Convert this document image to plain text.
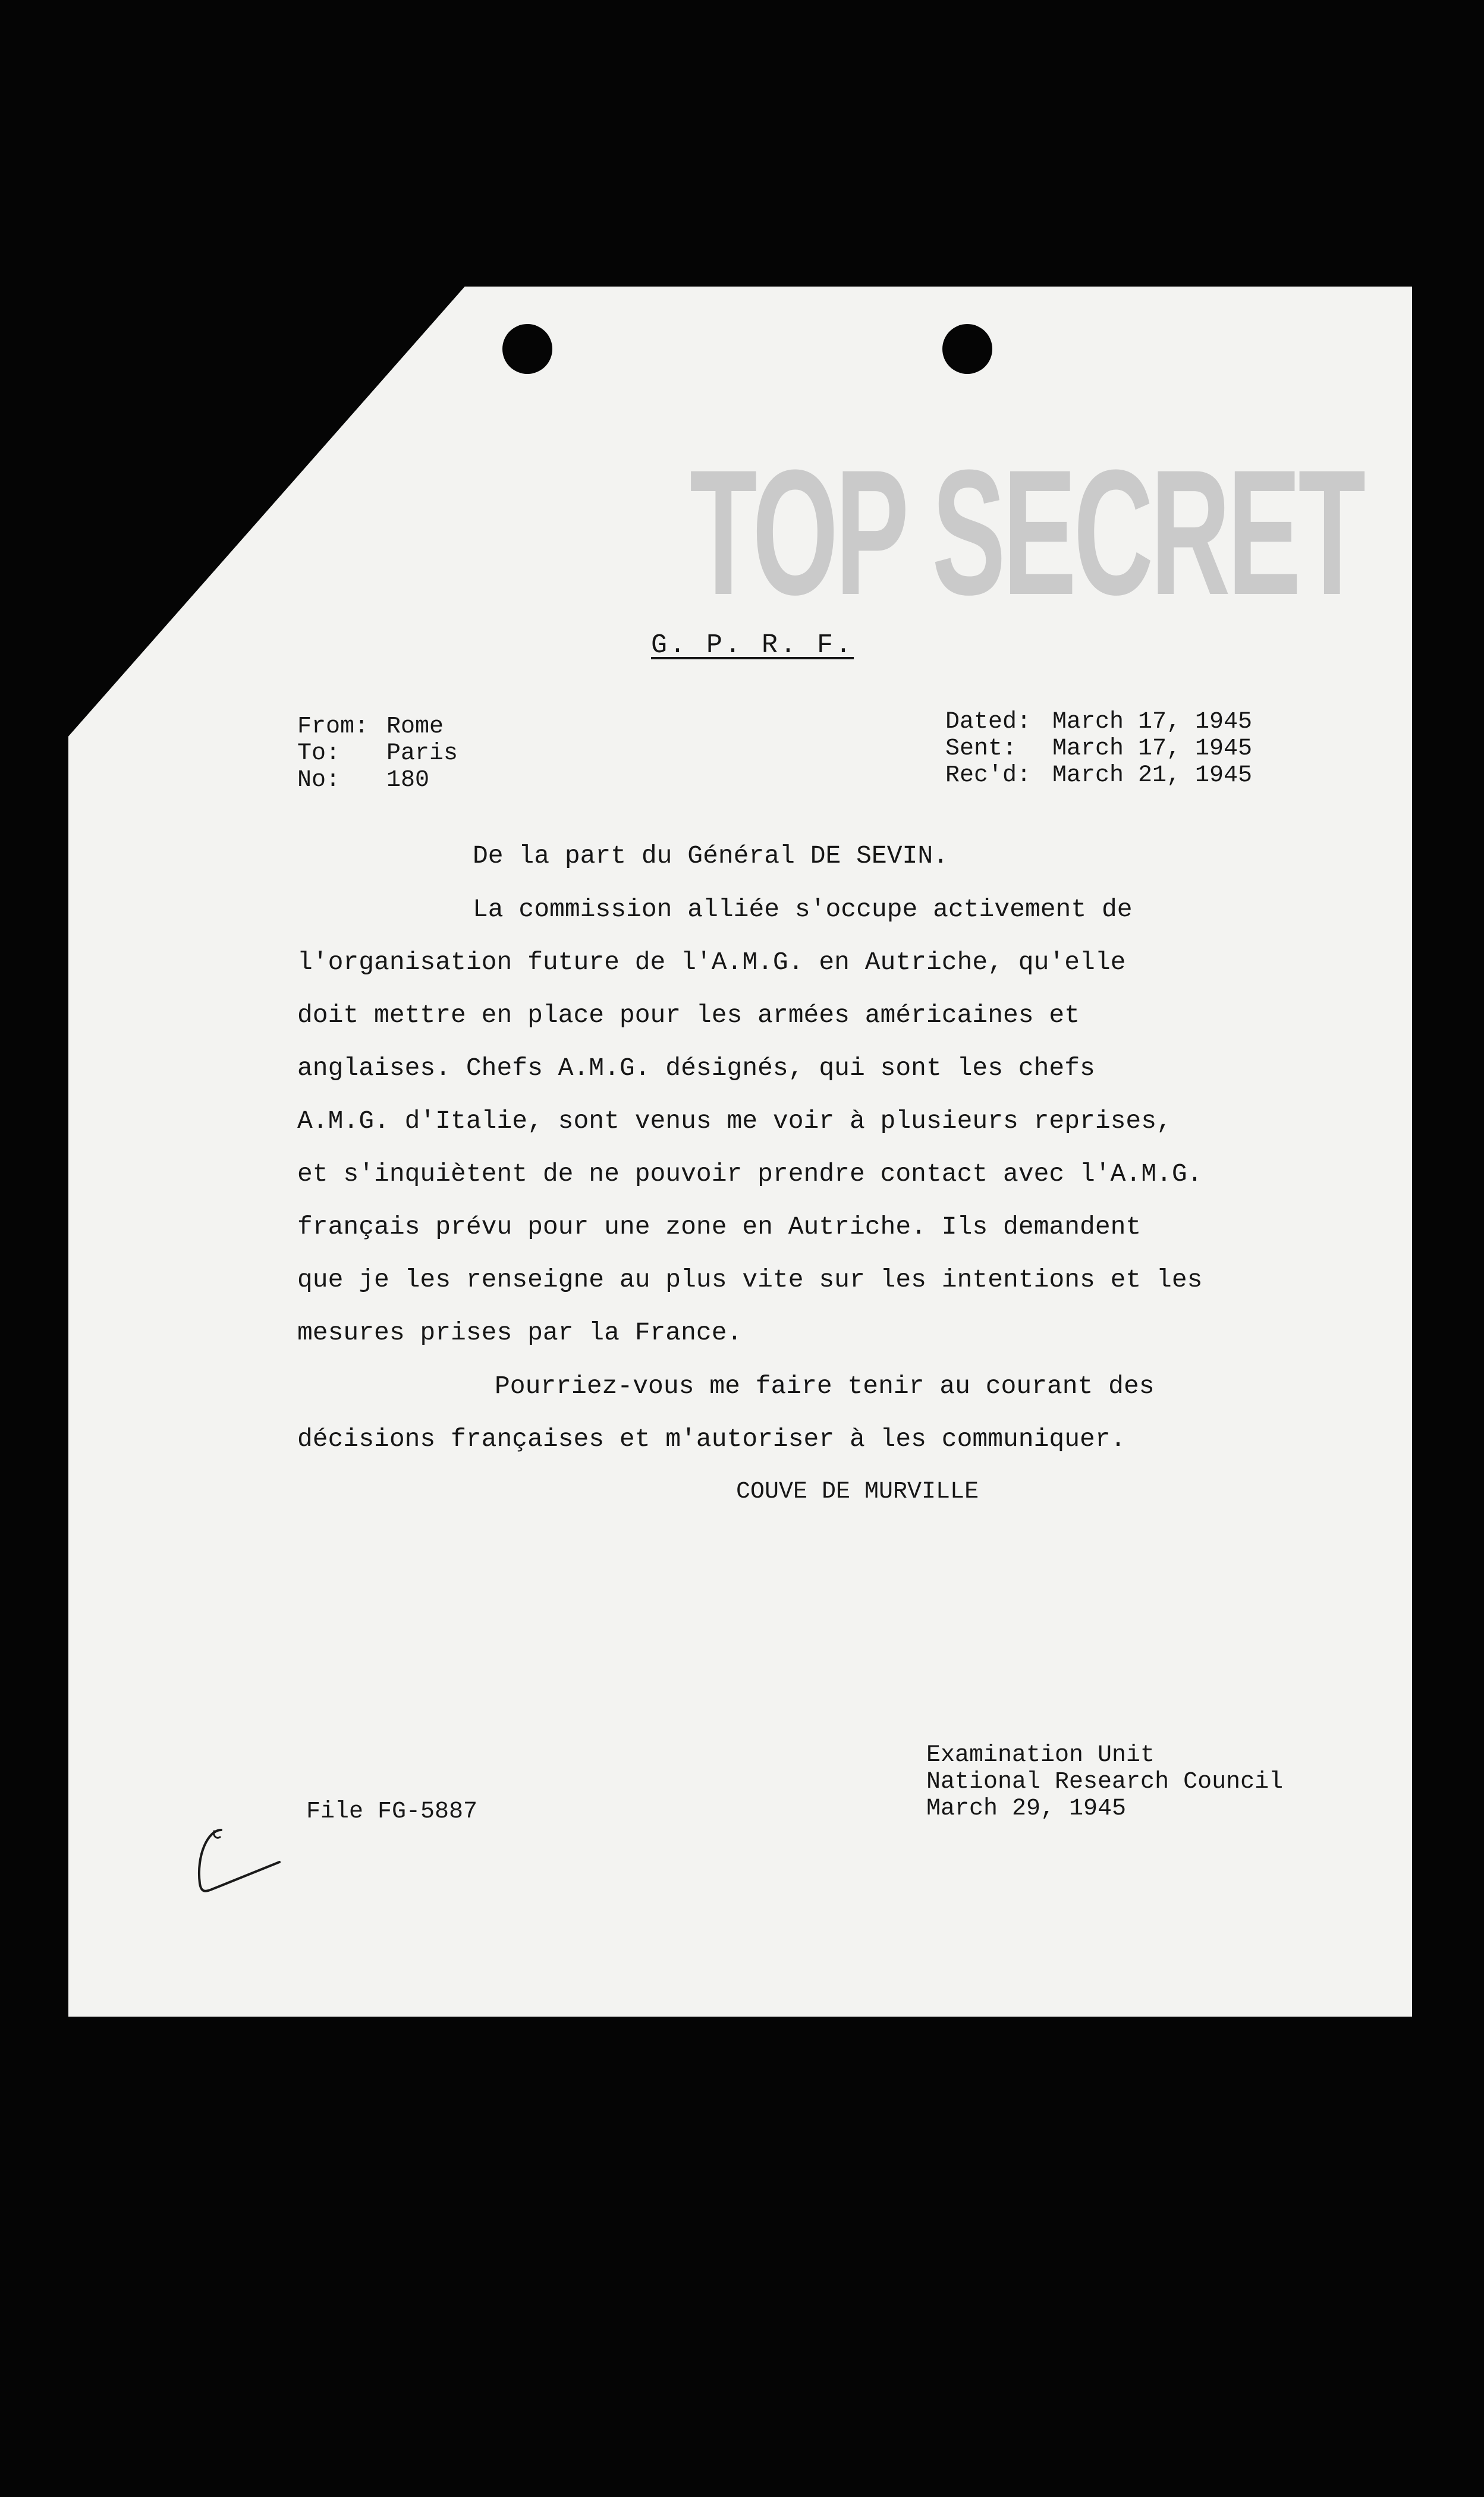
TOP SECRET
G. P. R. F.
From: Rome
To: Paris
No: 180
Dated: March 17, 1945
Sent: March 17, 1945
Rec'd: March 21, 1945
De la part du Général DE SEVIN.
La commission alliée s'occupe activement de
l'organisation future de l'A.M.G. en Autriche, qu'elle
doit mettre en place pour les armées américaines et
anglaises. Chefs A.M.G. désignés, qui sont les chefs
A.M.G. d'Italie, sont venus me voir à plusieurs reprises,
et s'inquiètent de ne pouvoir prendre contact avec l'A.M.G.
français prévu pour une zone en Autriche. Ils demandent
que je les renseigne au plus vite sur les intentions et les
mesures prises par la France.
Pourriez-vous me faire tenir au courant des
décisions françaises et m'autoriser à les communiquer.
COUVE DE MURVILLE
Examination Unit
National Research Council
March 29, 1945
File FG-5887
